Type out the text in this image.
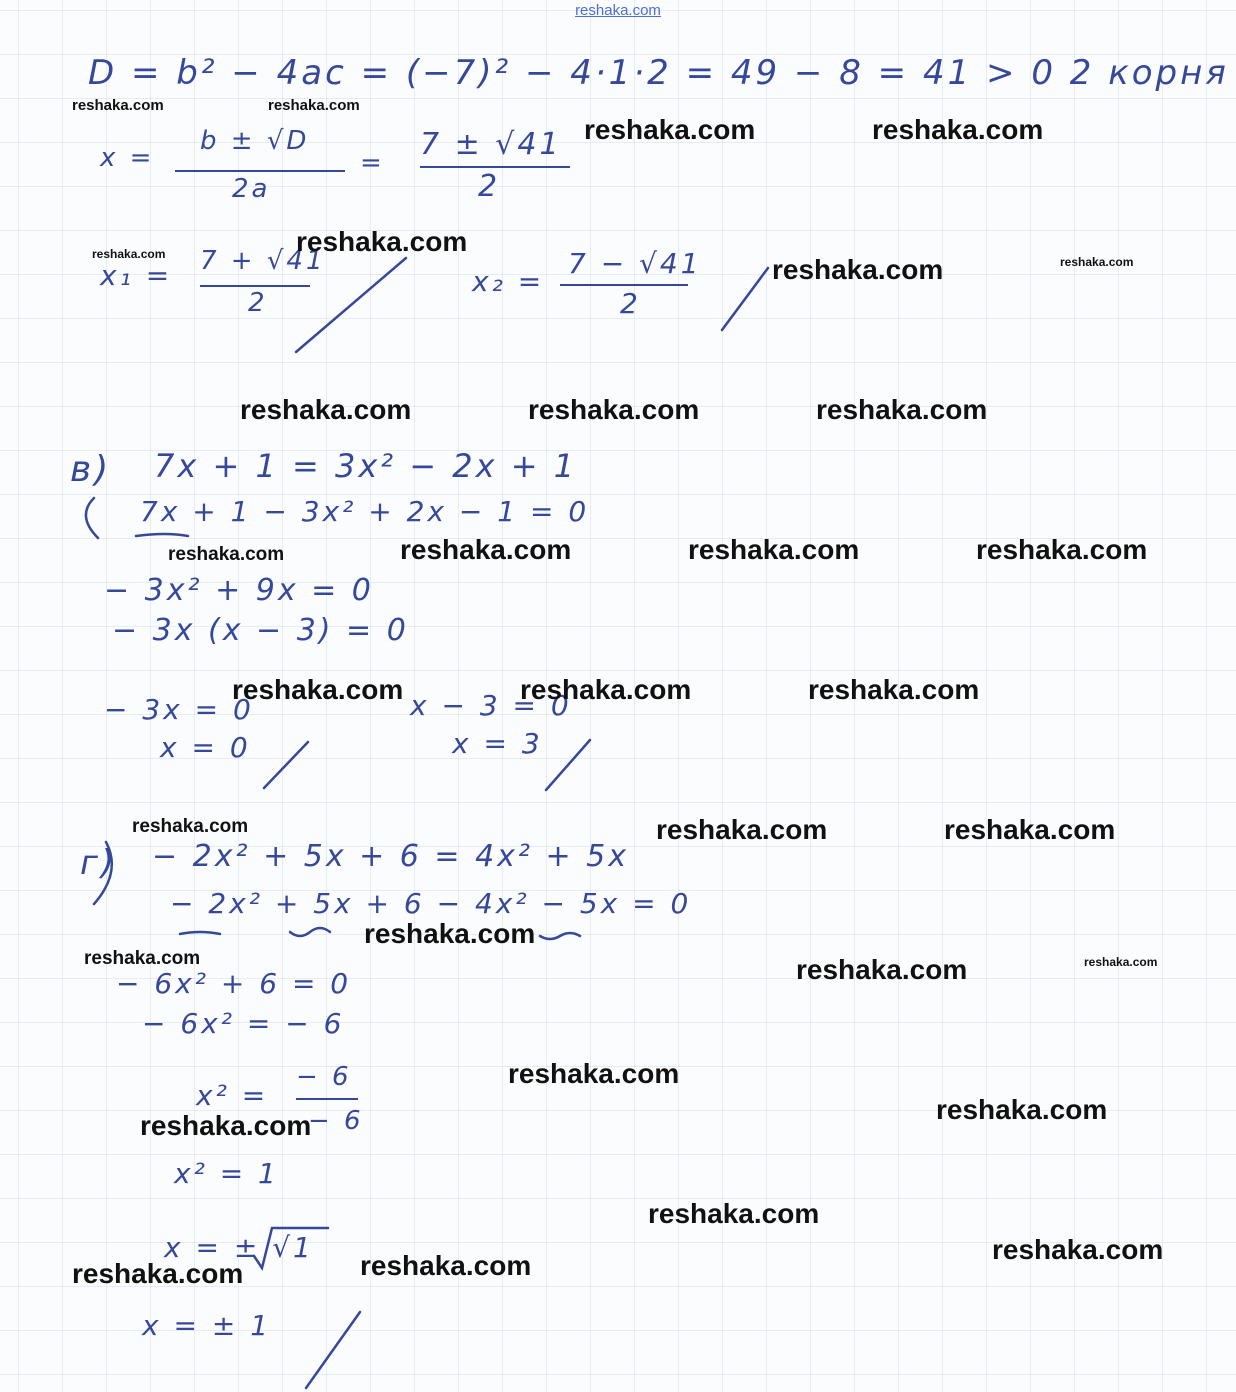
reshaka.com
D = b² − 4ac = (−7)² − 4·1·2 = 49 − 8 = 41 > 0 2 корня
x =
b ± √D
2a
=
7 ± √41
2
x₁ = 7 + √41
2
x₂ =
7 − √41
2
в) 7x + 1 = 3x² − 2x + 1
7x + 1 − 3x² + 2x − 1 = 0
− 3x² + 9x = 0
− 3x (x − 3) = 0
− 3x = 0	x − 3 = 0
x = 0	x = 3
г) − 2x² + 5x + 6 = 4x² + 5x
− 2x² + 5x + 6 − 4x² − 5x = 0
− 6x² + 6 = 0
− 6x² = − 6
x² =
− 6
− 6
x² = 1
x = ± √1
x = ± 1
reshaka.com	reshaka.com
reshaka.com	reshaka.com
reshaka.com	reshaka.com
reshaka.com	reshaka.com
reshaka.com	reshaka.com	reshaka.com
reshaka.com	reshaka.com	reshaka.com	reshaka.com
reshaka.com	reshaka.com	reshaka.com
reshaka.com	reshaka.com	reshaka.com
reshaka.com
reshaka.com	reshaka.com	reshaka.com
reshaka.com
reshaka.com
reshaka.com
reshaka.com
reshaka.com
reshaka.com
reshaka.com
